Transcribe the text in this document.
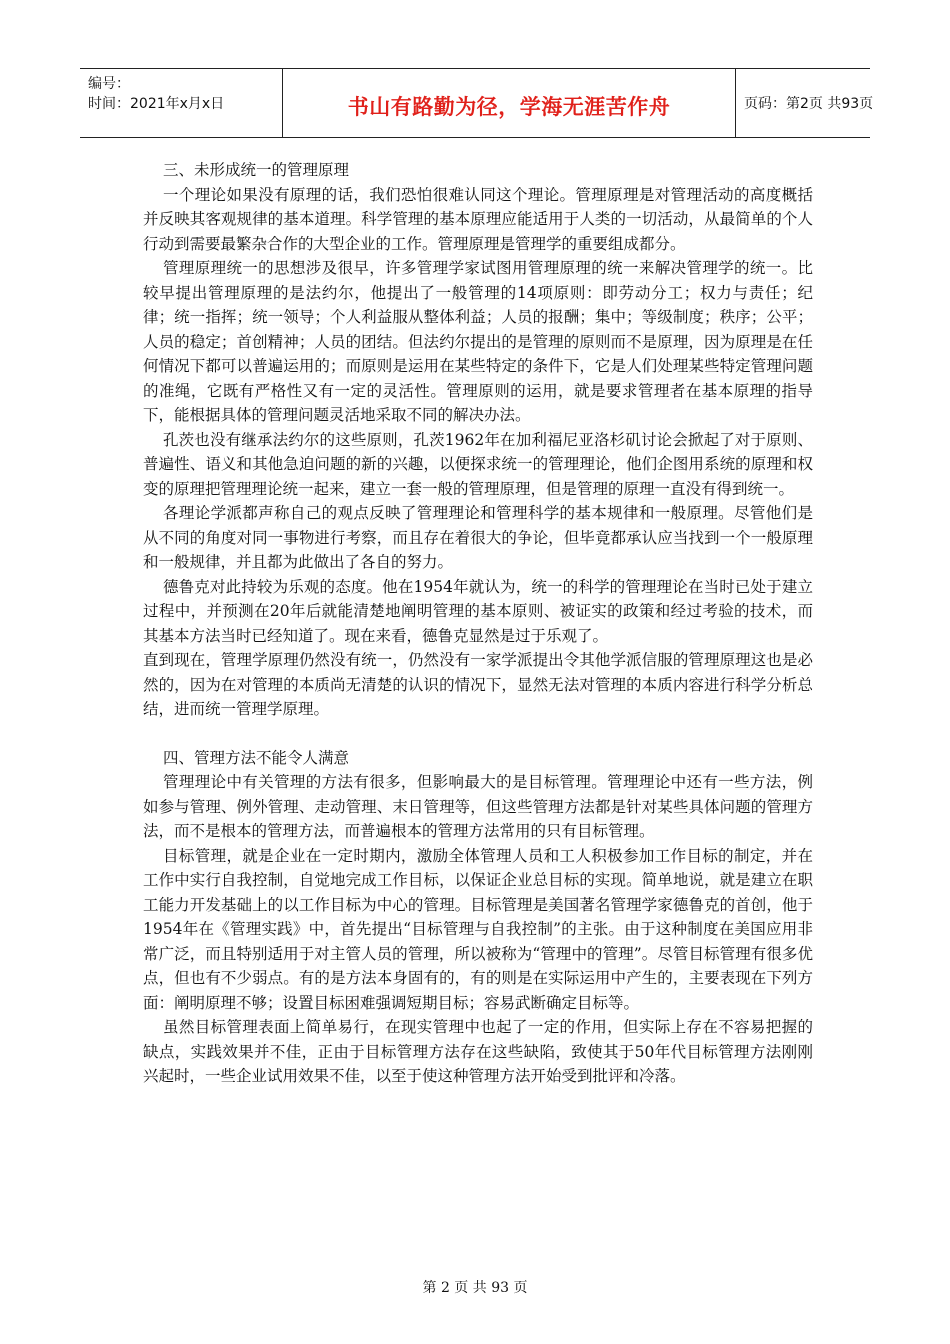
编号：
时间：2021年x月x日	书山有路勤为径，学海无涯苦作舟	页码：第2页 共93页

三、未形成统一的管理原理

一个理论如果没有原理的话，我们恐怕很难认同这个理论。管理原理是对管理活动的高度概括并反映其客观规律的基本道理。科学管理的基本原理应能适用于人类的一切活动，从最简单的个人行动到需要最繁杂合作的大型企业的工作。管理原理是管理学的重要组成都分。

管理原理统一的思想涉及很早，许多管理学家试图用管理原理的统一来解决管理学的统一。比较早提出管理原理的是法约尔，他提出了一般管理的14项原则：即劳动分工；权力与责任；纪律；统一指挥；统一领导；个人利益服从整体利益；人员的报酬；集中；等级制度；秩序；公平；人员的稳定；首创精神；人员的团结。但法约尔提出的是管理的原则而不是原理，因为原理是在任何情况下都可以普遍运用的；而原则是运用在某些特定的条件下，它是人们处理某些特定管理问题的准绳，它既有严格性又有一定的灵活性。管理原则的运用，就是要求管理者在基本原理的指导下，能根据具体的管理问题灵活地采取不同的解决办法。

孔茨也没有继承法约尔的这些原则，孔茨1962年在加利福尼亚洛杉矶讨论会掀起了对于原则、普遍性、语义和其他急迫问题的新的兴趣，以便探求统一的管理理论，他们企图用系统的原理和权变的原理把管理理论统一起来，建立一套一般的管理原理，但是管理的原理一直没有得到统一。

各理论学派都声称自己的观点反映了管理理论和管理科学的基本规律和一般原理。尽管他们是从不同的角度对同一事物进行考察，而且存在着很大的争论，但毕竟都承认应当找到一个一般原理和一般规律，并且都为此做出了各自的努力。

德鲁克对此持较为乐观的态度。他在1954年就认为，统一的科学的管理理论在当时已处于建立过程中，并预测在20年后就能清楚地阐明管理的基本原则、被证实的政策和经过考验的技术，而其基本方法当时已经知道了。现在来看，德鲁克显然是过于乐观了。

直到现在，管理学原理仍然没有统一，仍然没有一家学派提出令其他学派信服的管理原理这也是必然的，因为在对管理的本质尚无清楚的认识的情况下，显然无法对管理的本质内容进行科学分析总结，进而统一管理学原理。

四、管理方法不能令人满意

管理理论中有关管理的方法有很多，但影响最大的是目标管理。管理理论中还有一些方法，例如参与管理、例外管理、走动管理、末日管理等，但这些管理方法都是针对某些具体问题的管理方法，而不是根本的管理方法，而普遍根本的管理方法常用的只有目标管理。

目标管理，就是企业在一定时期内，激励全体管理人员和工人积极参加工作目标的制定，并在工作中实行自我控制，自觉地完成工作目标，以保证企业总目标的实现。简单地说，就是建立在职工能力开发基础上的以工作目标为中心的管理。目标管理是美国著名管理学家德鲁克的首创，他于1954年在《管理实践》中，首先提出“目标管理与自我控制”的主张。由于这种制度在美国应用非常广泛，而且特别适用于对主管人员的管理，所以被称为“管理中的管理”。尽管目标管理有很多优点，但也有不少弱点。有的是方法本身固有的，有的则是在实际运用中产生的，主要表现在下列方面：阐明原理不够；设置目标困难强调短期目标；容易武断确定目标等。

虽然目标管理表面上简单易行，在现实管理中也起了一定的作用，但实际上存在不容易把握的缺点，实践效果并不佳，正由于目标管理方法存在这些缺陷，致使其于50年代目标管理方法刚刚兴起时，一些企业试用效果不佳，以至于使这种管理方法开始受到批评和冷落。

第 2 页 共 93 页
